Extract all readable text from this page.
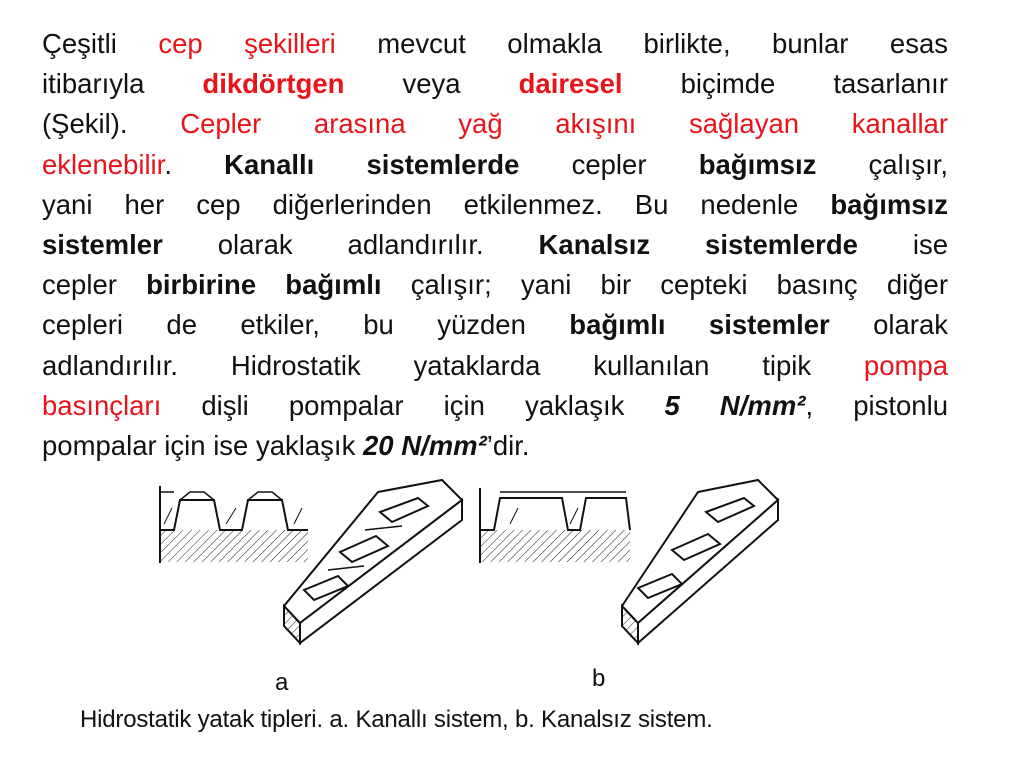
Çeşitli cep şekilleri mevcut olmakla birlikte, bunlar esas
itibarıyla dikdörtgen veya dairesel biçimde tasarlanır
(Şekil). Cepler arasına yağ akışını sağlayan kanallar
eklenebilir. Kanallı sistemlerde cepler bağımsız çalışır,
yani her cep diğerlerinden etkilenmez. Bu nedenle bağımsız
sistemler olarak adlandırılır. Kanalsız sistemlerde ise
cepler birbirine bağımlı çalışır; yani bir cepteki basınç diğer
cepleri de etkiler, bu yüzden bağımlı sistemler olarak
adlandırılır. Hidrostatik yataklarda kullanılan tipik pompa
basınçları dişli pompalar için yaklaşık 5 N/mm², pistonlu
pompalar için ise yaklaşık 20 N/mm²’dir.
a	b
Hidrostatik yatak tipleri. a. Kanallı sistem, b. Kanalsız sistem.
